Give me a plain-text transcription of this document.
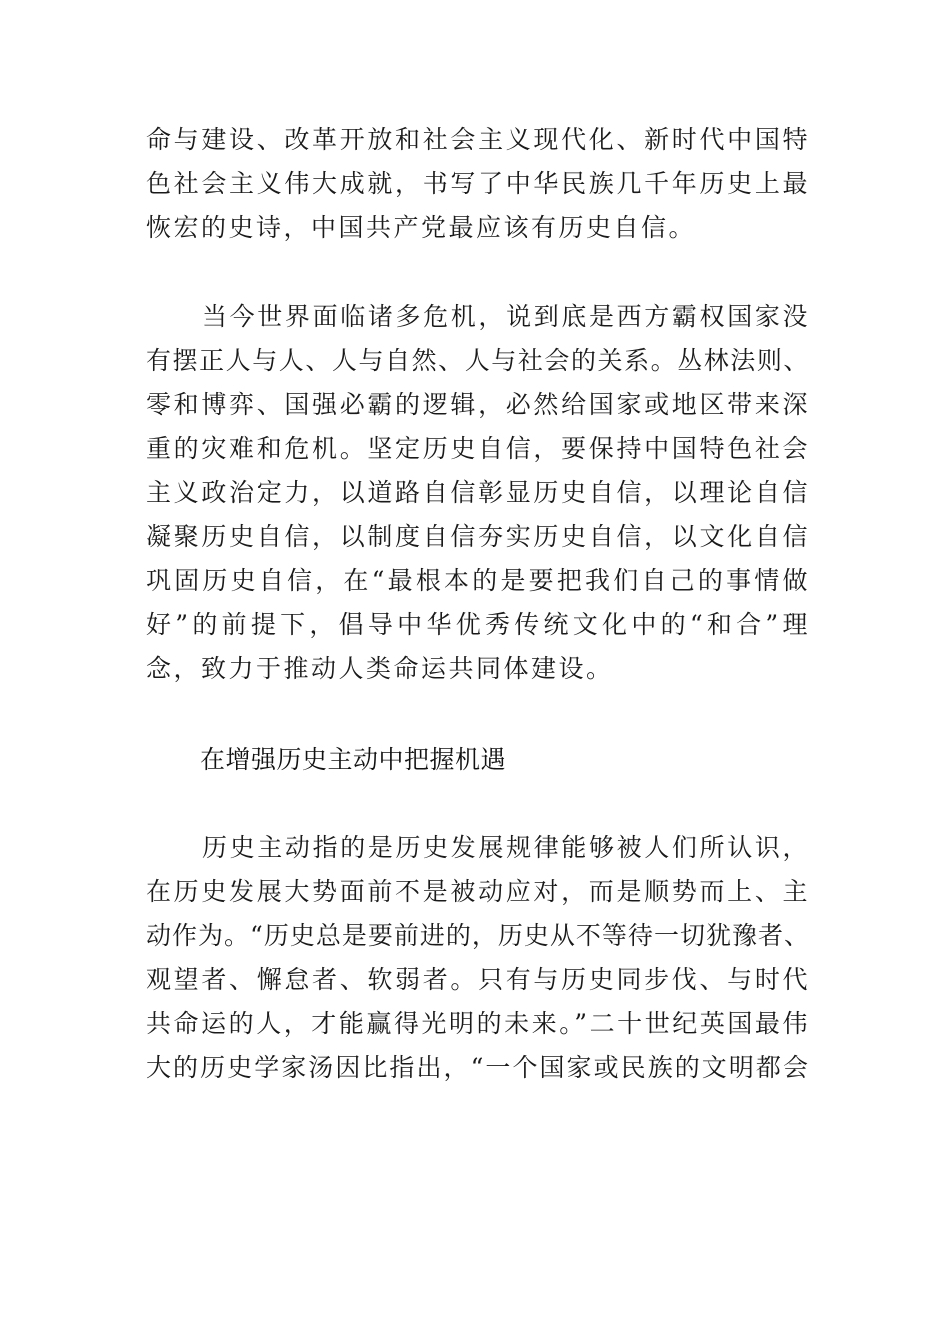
命与建设、改革开放和社会主义现代化、新时代中国特
色社会主义伟大成就，书写了中华民族几千年历史上最
恢宏的史诗，中国共产党最应该有历史自信。
当今世界面临诸多危机，说到底是西方霸权国家没
有摆正人与人、人与自然、人与社会的关系。丛林法则、
零和博弈、国强必霸的逻辑，必然给国家或地区带来深
重的灾难和危机。坚定历史自信，要保持中国特色社会
主义政治定力，以道路自信彰显历史自信，以理论自信
凝聚历史自信，以制度自信夯实历史自信，以文化自信
巩固历史自信，在“最根本的是要把我们自己的事情做
好”的前提下，倡导中华优秀传统文化中的“和合”理
念，致力于推动人类命运共同体建设。
在增强历史主动中把握机遇
历史主动指的是历史发展规律能够被人们所认识，
在历史发展大势面前不是被动应对，而是顺势而上、主
动作为。“历史总是要前进的，历史从不等待一切犹豫者、
观望者、懈怠者、软弱者。只有与历史同步伐、与时代
共命运的人，才能赢得光明的未来。”二十世纪英国最伟
大的历史学家汤因比指出，“一个国家或民族的文明都会
